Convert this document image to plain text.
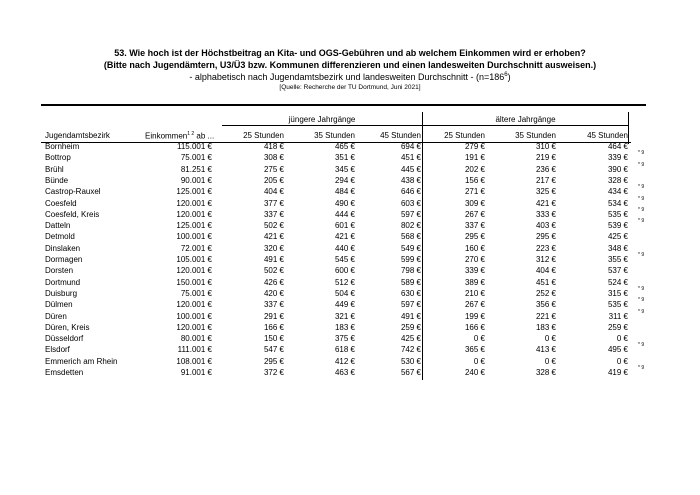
53. Wie hoch ist der Höchstbeitrag an Kita- und OGS-Gebühren und ab welchem Einkommen wird er erhoben?
(Bitte nach Jugendämtern, U3/Ü3 bzw. Kommunen differenzieren und einen landesweiten Durchschnitt ausweisen.)
- alphabetisch nach Jugendamtsbezirk und landesweiten Durchschnitt - $(n=186^6)$
[Quelle: Recherche der TU Dortmund, Juni 2021]
jüngere Jahrgänge	ältere Jahrgänge
Jugendamtsbezirk	Einkommen$^{1 2}$ ab ...	25 Stunden	35 Stunden	45 Stunden	25 Stunden	35 Stunden	45 Stunden
Bornheim	115.001 €	418 €	465 €	694 €	279 €	310 €	464 €
Bottrop	75.001 €	308 €	351 €	451 €	191 €	219 €	339 € * 9
Brühl	81.251 €	275 €	345 €	445 €	202 €	236 €	390 € * 9
Bünde	90.001 €	205 €	294 €	438 €	156 €	217 €	328 €
Castrop-Rauxel	125.001 €	404 €	484 €	646 €	271 €	325 €	434 € * 9
Coesfeld	120.001 €	377 €	490 €	603 €	309 €	421 €	534 € * 9
Coesfeld, Kreis	120.001 €	337 €	444 €	597 €	267 €	333 €	535 € * 9
Datteln	125.001 €	502 €	601 €	802 €	337 €	403 €	539 € * 9
Detmold	100.001 €	421 €	421 €	568 €	295 €	295 €	425 €
Dinslaken	72.001 €	320 €	440 €	549 €	160 €	223 €	348 €
Dormagen	105.001 €	491 €	545 €	599 €	270 €	312 €	355 € * 9
Dorsten	120.001 €	502 €	600 €	798 €	339 €	404 €	537 €
Dortmund	150.001 €	426 €	512 €	589 €	389 €	451 €	524 €
Duisburg	75.001 €	420 €	504 €	630 €	210 €	252 €	315 € * 9
Dülmen	120.001 €	337 €	449 €	597 €	267 €	356 €	535 € * 9
Düren	100.001 €	291 €	321 €	491 €	199 €	221 €	311 € * 9
Düren, Kreis	120.001 €	166 €	183 €	259 €	166 €	183 €	259 €
Düsseldorf	80.001 €	150 €	375 €	425 €	0 €	0 €	0 €
Elsdorf	111.001 €	547 €	618 €	742 €	365 €	413 €	495 € * 9
Emmerich am Rhein	108.001 €	295 €	412 €	530 €	0 €	0 €	0 €
Emsdetten	91.001 €	372 €	463 €	567 €	240 €	328 €	419 € * 9
